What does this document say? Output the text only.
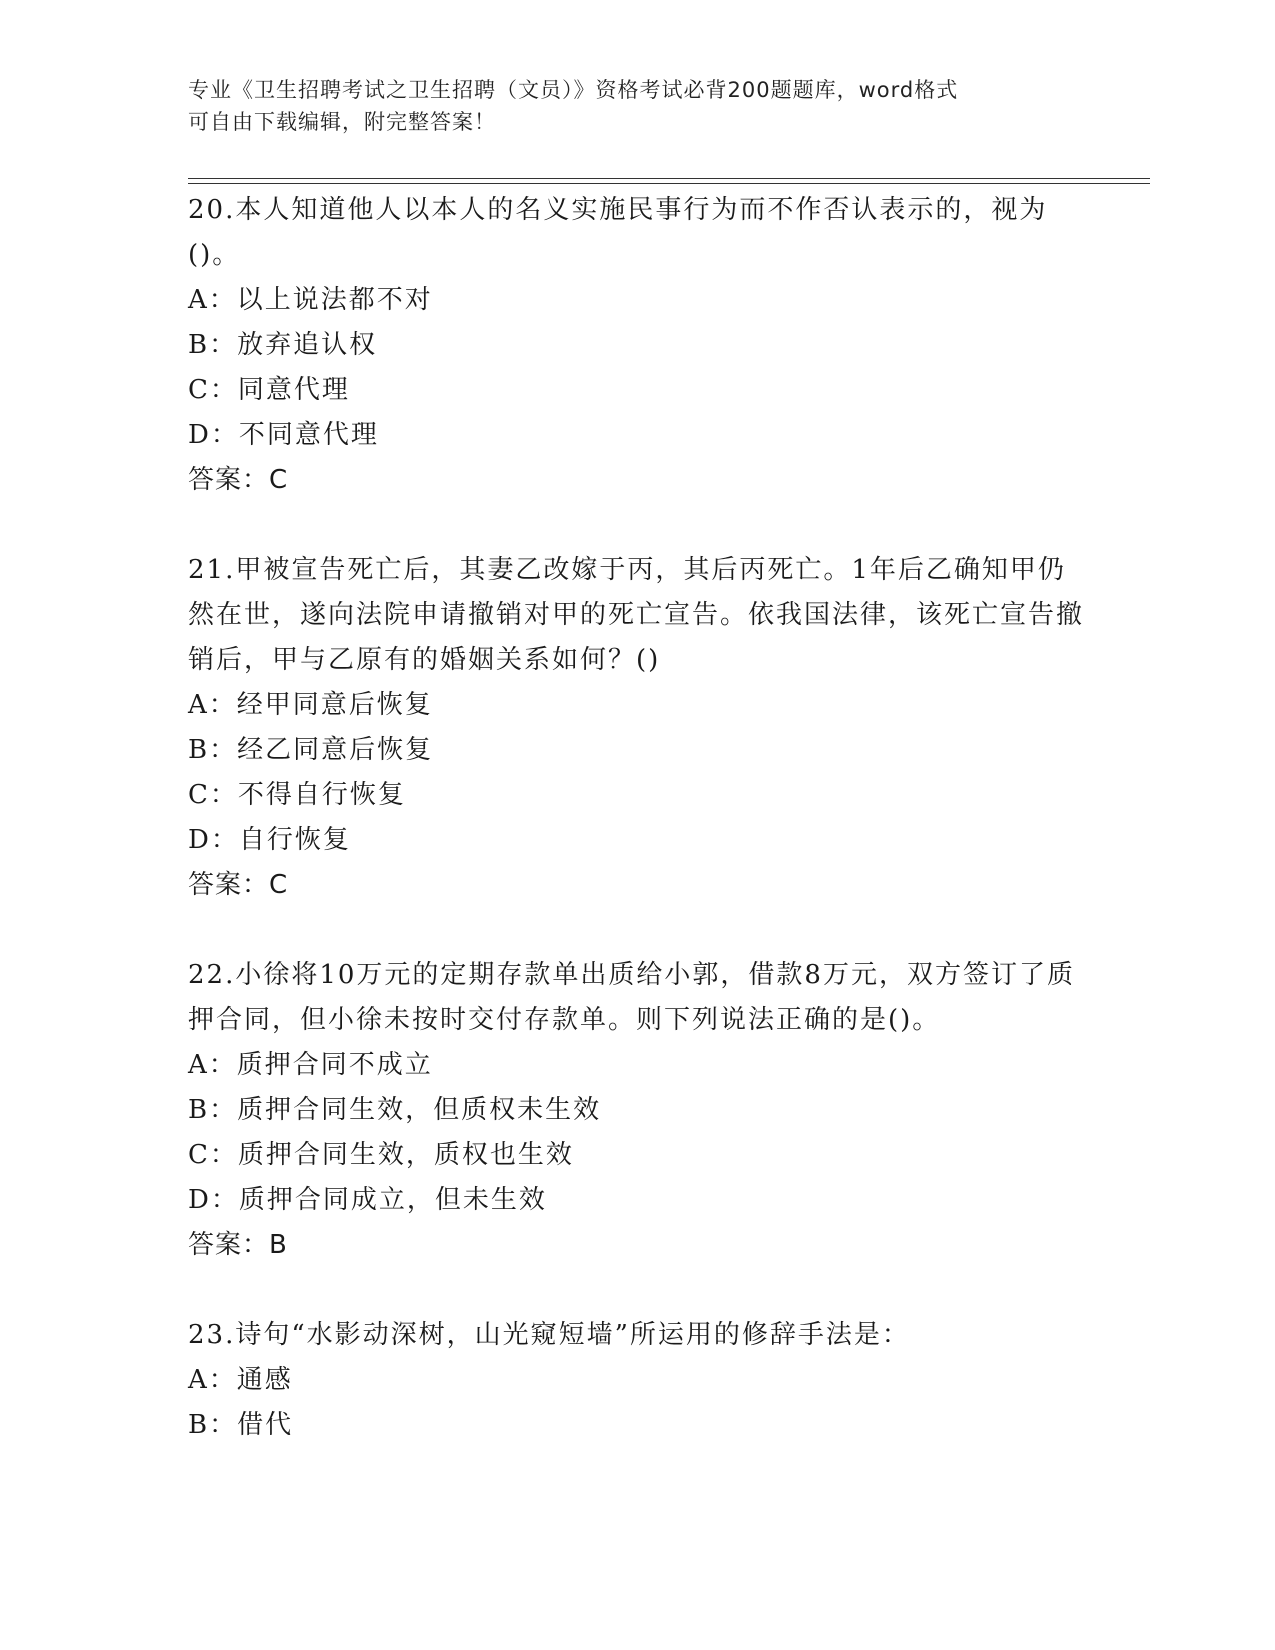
专业《卫生招聘考试之卫生招聘（文员）》资格考试必背200题题库，word格式
可自由下载编辑，附完整答案！

20.本人知道他人以本人的名义实施民事行为而不作否认表示的，视为()。

A：以上说法都不对

B：放弃追认权

C：同意代理

D：不同意代理

答案：C

21.甲被宣告死亡后，其妻乙改嫁于丙，其后丙死亡。1年后乙确知甲仍然在世，遂向法院申请撤销对甲的死亡宣告。依我国法律，该死亡宣告撤销后，甲与乙原有的婚姻关系如何？()

A：经甲同意后恢复

B：经乙同意后恢复

C：不得自行恢复

D：自行恢复

答案：C

22.小徐将10万元的定期存款单出质给小郭，借款8万元，双方签订了质押合同，但小徐未按时交付存款单。则下列说法正确的是()。

A：质押合同不成立

B：质押合同生效，但质权未生效

C：质押合同生效，质权也生效

D：质押合同成立，但未生效

答案：B

23.诗句“水影动深树，山光窥短墙”所运用的修辞手法是：

A：通感

B：借代
